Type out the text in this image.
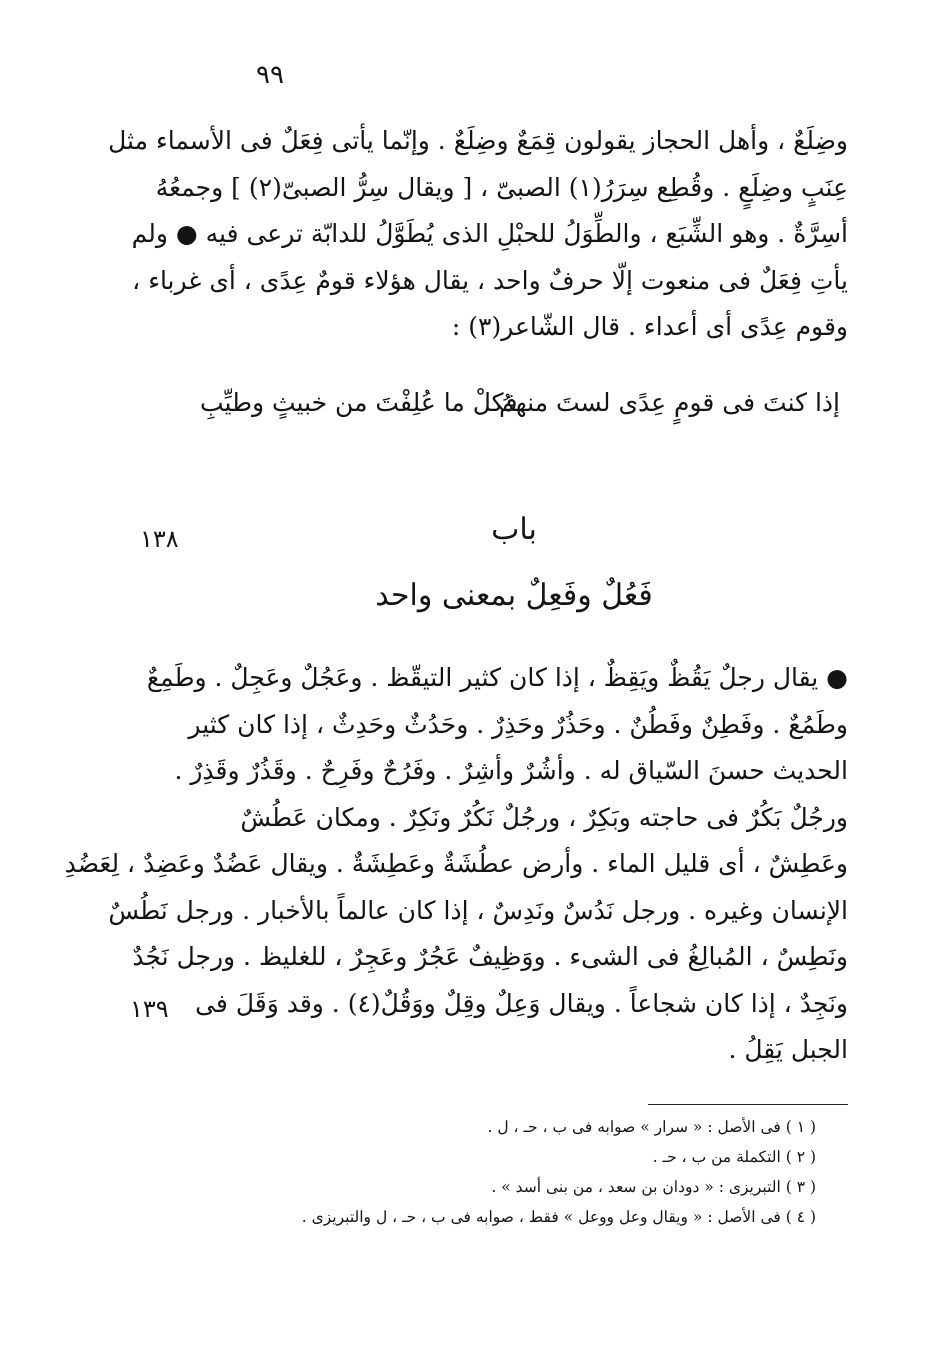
٩٩
وضِلَعٌ ، وأهل الحجاز يقولون قِمَعٌ وضِلَعٌ . وإنّما يأتى فِعَلٌ فى الأسماء مثل
عِنَبٍ وضِلَعٍ . وقُطِع سِرَرُ(١) الصبىّ ، [ ويقال سِرُّ الصبىّ(٢) ] وجمعُهُ
أسِرَّةٌ . وهو الشِّبَع ، والطِّوَلُ للحبْلِ الذى يُطَوَّلُ للدابّة ترعى فيه ● ولم
يأتِ فِعَلٌ فى منعوت إلّا حرفٌ واحد ، يقال هؤلاء قومٌ عِدًى ، أى غرباء ،
وقوم عِدًى أى أعداء . قال الشّاعر(٣) :
إذا كنتَ فى قومٍ عِدًى لستَ منهمُ
فكلْ ما عُلِفْتَ من خبيثٍ وطيِّبِ
١٣٨	باب
فَعُلٌ وفَعِلٌ بمعنى واحد
● يقال رجلٌ يَقُظٌ ويَقِظٌ ، إذا كان كثير التيقّظ . وعَجُلٌ وعَجِلٌ . وطَمِعٌ
وطَمُعٌ . وفَطِنٌ وفَطُنٌ . وحَذُرٌ وحَذِرٌ . وحَدُثٌ وحَدِثٌ ، إذا كان كثير
الحديث حسنَ السّياق له . وأشُرٌ وأشِرٌ . وفَرُحٌ وفَرِحٌ . وقَذُرٌ وقَذِرٌ .
ورجُلٌ بَكُرٌ فى حاجته وبَكِرٌ ، ورجُلٌ نَكُرٌ ونَكِرٌ . ومكان عَطُشٌ
وعَطِشٌ ، أى قليل الماء . وأرض عطُشَةٌ وعَطِشَةٌ . ويقال عَضُدٌ وعَضِدٌ ، لِعَضُدِ
الإنسان وغيره . ورجل نَدُسٌ ونَدِسٌ ، إذا كان عالماً بالأخبار . ورجل نَطُسٌ
ونَطِسٌ ، المُبالِغُ فى الشىء . ووَظِيفٌ عَجُرٌ وعَجِرٌ ، للغليظ . ورجل نَجُدٌ
ونَجِدٌ ، إذا كان شجاعاً . ويقال وَعِلٌ وقِلٌ ووَقُلٌ(٤) . وقد وَقَلَ فى
الجبل يَقِلُ .
١٣٩
( ١ ) فى الأصل : « سرار » صوابه فى ب ، حـ ، ل .
( ٢ ) التكملة من ب ، حـ .
( ٣ ) التبريزى : « دودان بن سعد ، من بنى أسد » .
( ٤ ) فى الأصل : « ويقال وعل ووعل » فقط ، صوابه فى ب ، حـ ، ل والتبريزى .
